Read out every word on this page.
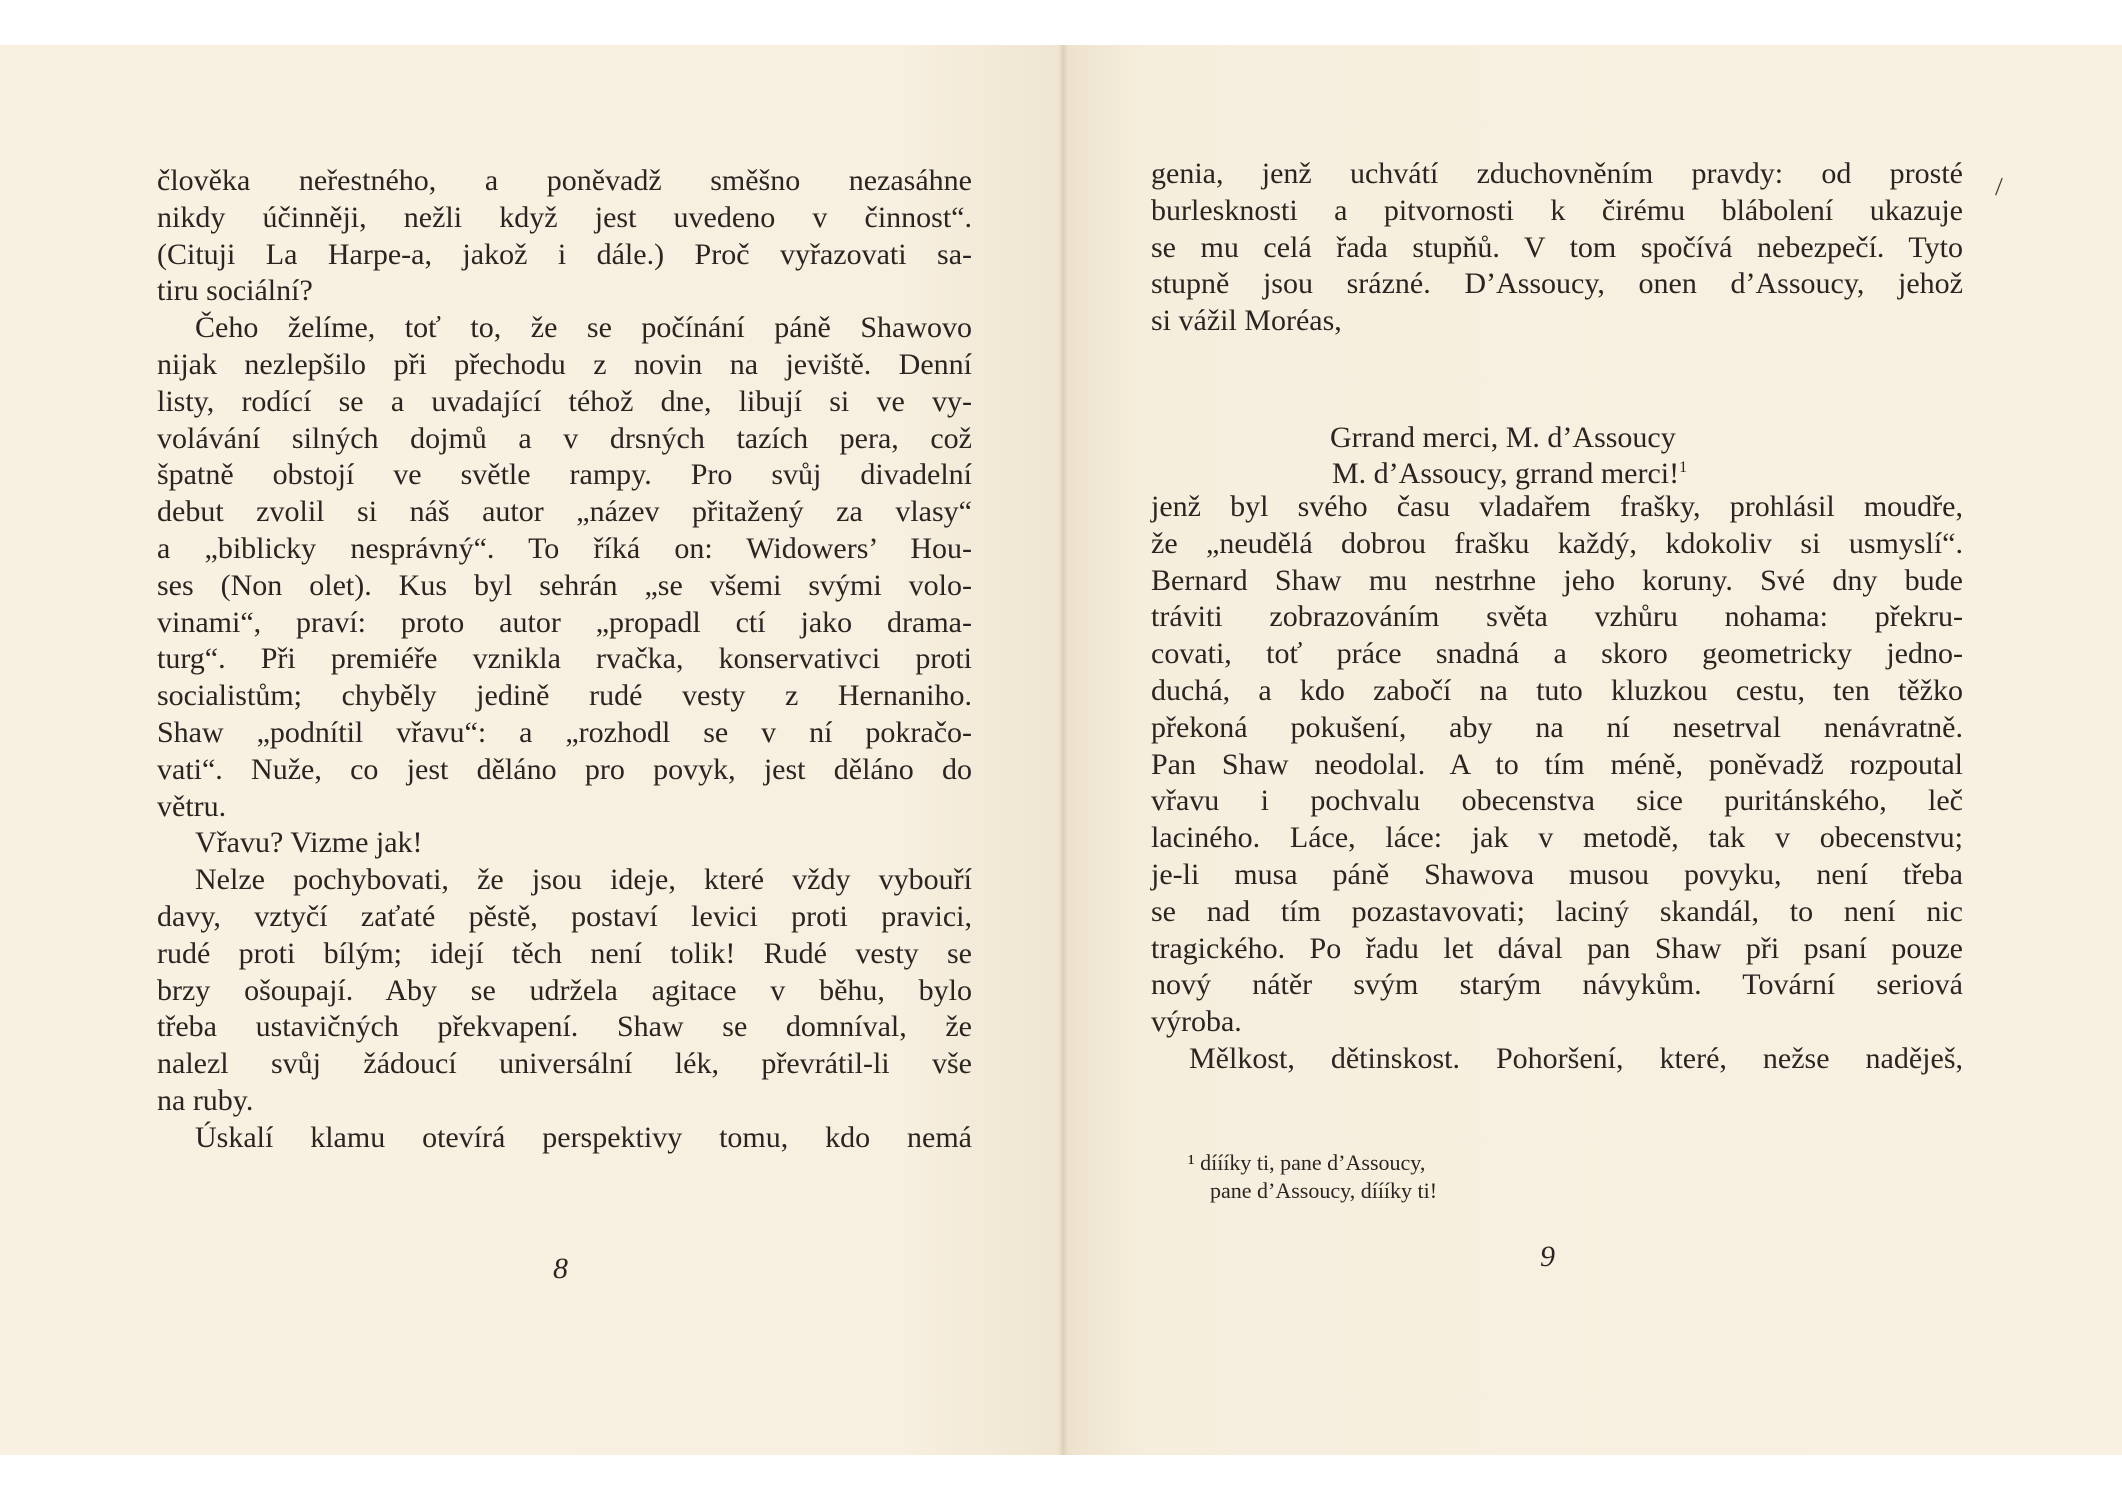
člověka neřestného, a poněvadž směšno nezasáhne
nikdy účinněji, nežli když jest uvedeno v činnost“.
(Cituji La Harpe-a, jakož i dále.) Proč vyřazovati sa-
tiru sociální?
Čeho želíme, toť to, že se počínání páně Shawovo
nijak nezlepšilo při přechodu z novin na jeviště. Denní
listy, rodící se a uvadající téhož dne, libují si ve vy-
volávání silných dojmů a v drsných tazích pera, což
špatně obstojí ve světle rampy. Pro svůj divadelní
debut zvolil si náš autor „název přitažený za vlasy“
a „biblicky nesprávný“. To říká on: Widowers’ Hou-
ses (Non olet). Kus byl sehrán „se všemi svými volo-
vinami“, praví: proto autor „propadl ctí jako drama-
turg“. Při premiéře vznikla rvačka, konservativci proti
socialistům; chyběly jedině rudé vesty z Hernaniho.
Shaw „podnítil vřavu“: a „rozhodl se v ní pokračo-
vati“. Nuže, co jest děláno pro povyk, jest děláno do
větru.
Vřavu? Vizme jak!
Nelze pochybovati, že jsou ideje, které vždy vybouří
davy, vztyčí zaťaté pěstě, postaví levici proti pravici,
rudé proti bílým; idejí těch není tolik! Rudé vesty se
brzy ošoupají. Aby se udržela agitace v běhu, bylo
třeba ustavičných překvapení. Shaw se domníval, že
nalezl svůj žádoucí universální lék, převrátil-li vše
na ruby.
Úskalí klamu otevírá perspektivy tomu, kdo nemá
8
genia, jenž uchvátí zduchovněním pravdy: od prosté
burlesknosti a pitvornosti k čirému blábolení ukazuje
se mu celá řada stupňů. V tom spočívá nebezpečí. Tyto
stupně jsou srázné. D’Assoucy, onen d’Assoucy, jehož
si vážil Moréas,
Grrand merci, M. d’Assoucy
M. d’Assoucy, grrand merci!$^1$
jenž byl svého času vladařem frašky, prohlásil moudře,
že „neudělá dobrou frašku každý, kdokoliv si usmyslí“.
Bernard Shaw mu nestrhne jeho koruny. Své dny bude
tráviti zobrazováním světa vzhůru nohama: překru-
covati, toť práce snadná a skoro geometricky jedno-
duchá, a kdo zabočí na tuto kluzkou cestu, ten těžko
překoná pokušení, aby na ní nesetrval nenávratně.
Pan Shaw neodolal. A to tím méně, poněvadž rozpoutal
vřavu i pochvalu obecenstva sice puritánského, leč
laciného. Láce, láce: jak v metodě, tak v obecenstvu;
je-li musa páně Shawova musou povyku, není třeba
se nad tím pozastavovati; laciný skandál, to není nic
tragického. Po řadu let dával pan Shaw při psaní pouze
nový nátěr svým starým návykům. Tovární seriová
výroba.
Mělkost, dětinskost. Pohoršení, které, nežse naděješ,
¹ díííky ti, pane d’Assoucy,
pane d’Assoucy, díííky ti!
9
\
